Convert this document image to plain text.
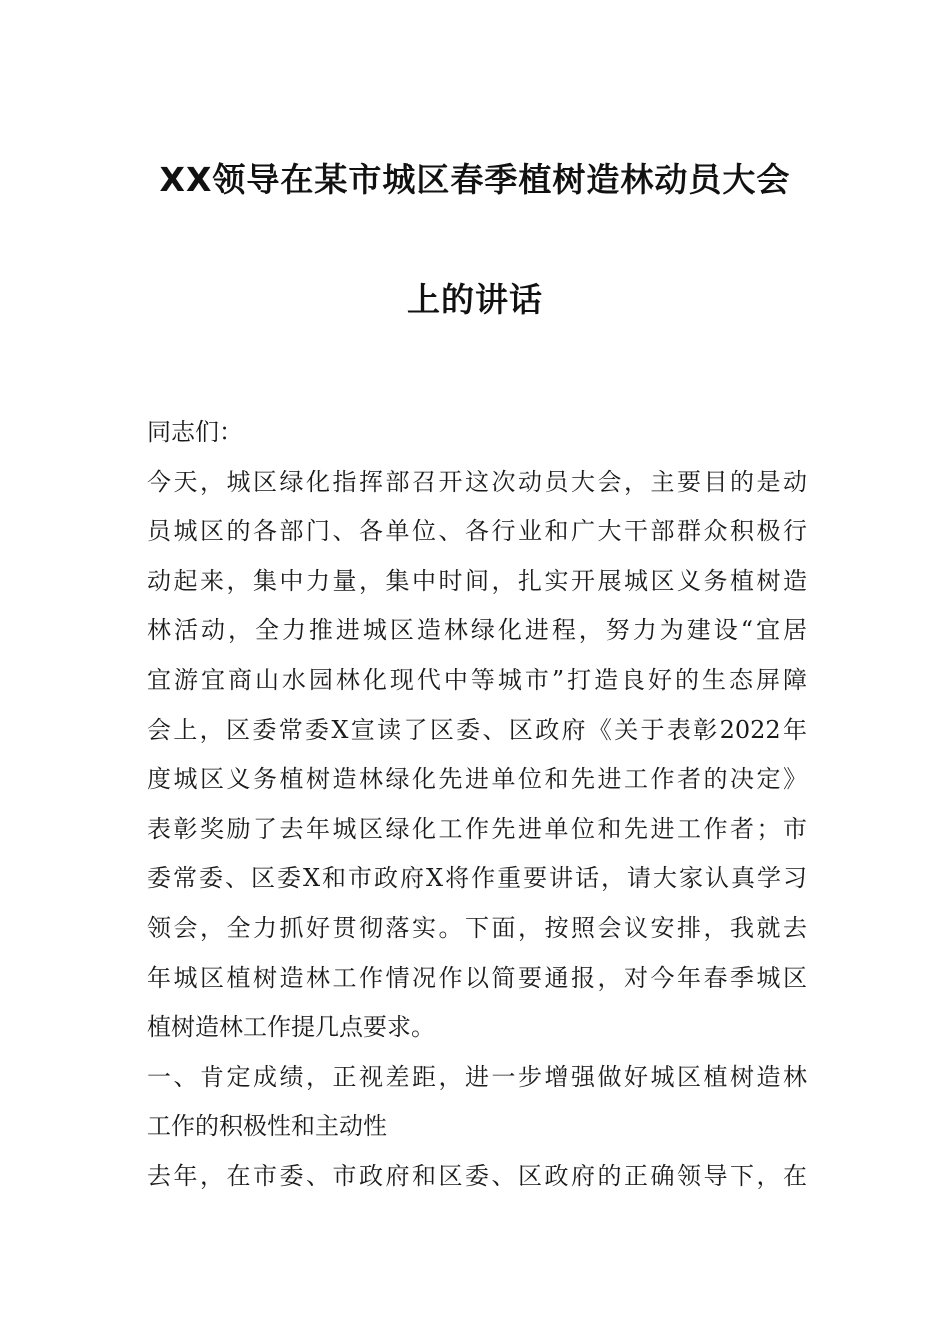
XX领导在某市城区春季植树造林动员大会
上的讲话
同志们：
今天，城区绿化指挥部召开这次动员大会，主要目的是动
员城区的各部门、各单位、各行业和广大干部群众积极行
动起来，集中力量，集中时间，扎实开展城区义务植树造
林活动，全力推进城区造林绿化进程，努力为建设“宜居
宜游宜商山水园林化现代中等城市”打造良好的生态屏障
会上，区委常委X宣读了区委、区政府《关于表彰2022年
度城区义务植树造林绿化先进单位和先进工作者的决定》
表彰奖励了去年城区绿化工作先进单位和先进工作者；市
委常委、区委X和市政府X将作重要讲话，请大家认真学习
领会，全力抓好贯彻落实。下面，按照会议安排，我就去
年城区植树造林工作情况作以简要通报，对今年春季城区
植树造林工作提几点要求。
一、肯定成绩，正视差距，进一步增强做好城区植树造林
工作的积极性和主动性
去年，在市委、市政府和区委、区政府的正确领导下，在
